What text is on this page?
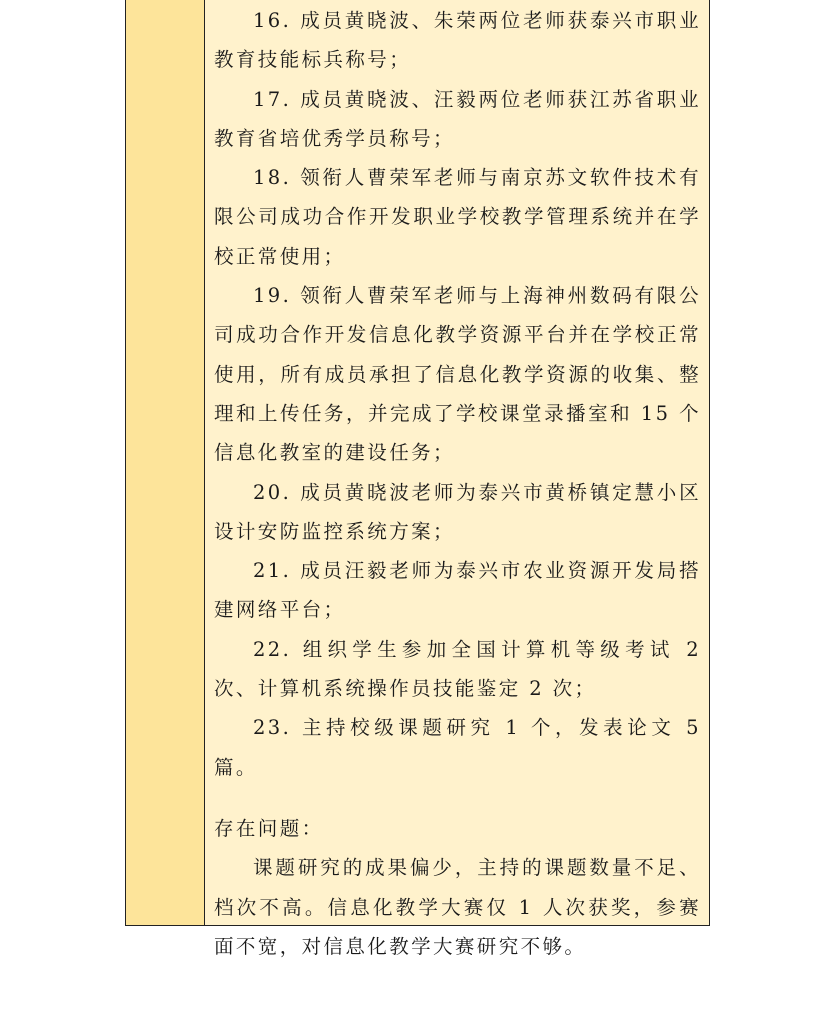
16. 成员黄晓波、朱荣两位老师获泰兴市职业教育技能标兵称号；

17. 成员黄晓波、汪毅两位老师获江苏省职业教育省培优秀学员称号；

18. 领衔人曹荣军老师与南京苏文软件技术有限公司成功合作开发职业学校教学管理系统并在学校正常使用；

19. 领衔人曹荣军老师与上海神州数码有限公司成功合作开发信息化教学资源平台并在学校正常使用，所有成员承担了信息化教学资源的收集、整理和上传任务，并完成了学校课堂录播室和 15 个信息化教室的建设任务；

20. 成员黄晓波老师为泰兴市黄桥镇定慧小区设计安防监控系统方案；

21. 成员汪毅老师为泰兴市农业资源开发局搭建网络平台；

22. 组织学生参加全国计算机等级考试 2 次、计算机系统操作员技能鉴定 2 次；

23. 主持校级课题研究 1 个，发表论文 5 篇。

存在问题：

课题研究的成果偏少，主持的课题数量不足、档次不高。信息化教学大赛仅 1 人次获奖，参赛面不宽，对信息化教学大赛研究不够。
